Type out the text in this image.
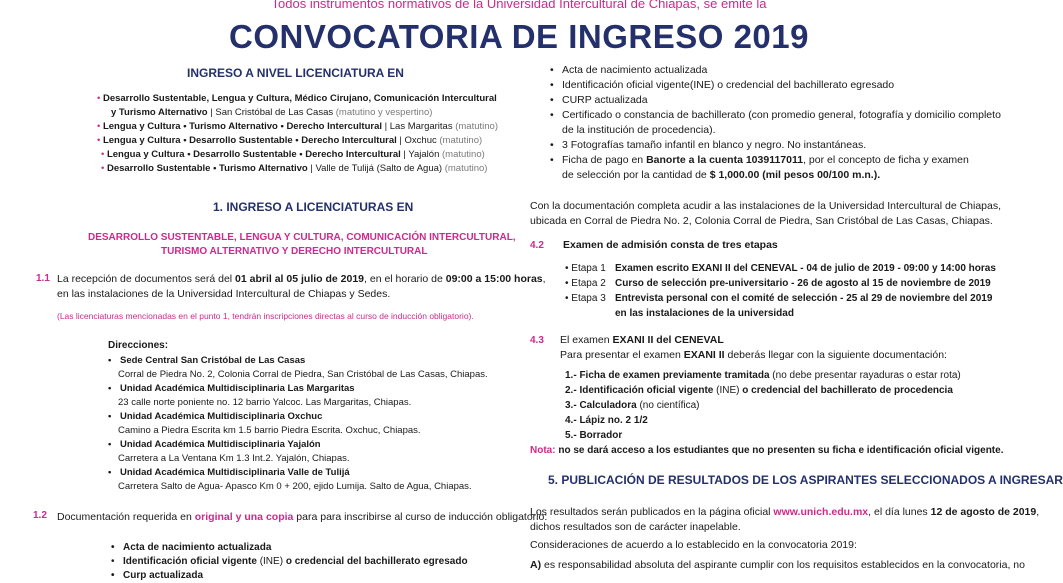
Todos instrumentos normativos de la Universidad Intercultural de Chiapas, se emite la
CONVOCATORIA DE INGRESO 2019
INGRESO A NIVEL LICENCIATURA EN
• Desarrollo Sustentable, Lengua y Cultura, Médico Cirujano, Comunicación Intercultural
y Turismo Alternativo | San Cristóbal de Las Casas (matutino y vespertino)
• Lengua y Cultura • Turismo Alternativo • Derecho Intercultural | Las Margaritas (matutino)
• Lengua y Cultura • Desarrollo Sustentable • Derecho Intercultural | Oxchuc (matutino)
• Lengua y Cultura • Desarrollo Sustentable • Derecho Intercultural | Yajalón (matutino)
• Desarrollo Sustentable • Turismo Alternativo | Valle de Tulijá (Salto de Agua) (matutino)
1. INGRESO A LICENCIATURAS EN
DESARROLLO SUSTENTABLE, LENGUA Y CULTURA, COMUNICACIÓN INTERCULTURAL,
TURISMO ALTERNATIVO Y DERECHO INTERCULTURAL
1.1 La recepción de documentos será del 01 abril al 05 julio de 2019, en el horario de 09:00 a 15:00 horas,
en las instalaciones de la Universidad Intercultural de Chiapas y Sedes.
(Las licenciaturas mencionadas en el punto 1, tendrán inscripciones directas al curso de inducción obligatorio).
Direcciones:
• Sede Central San Cristóbal de Las Casas
Corral de Piedra No. 2, Colonia Corral de Piedra, San Cristóbal de Las Casas, Chiapas.
• Unidad Académica Multidisciplinaria Las Margaritas
23 calle norte poniente no. 12 barrio Yalcoc. Las Margaritas, Chiapas.
• Unidad Académica Multidisciplinaria Oxchuc
Camino a Piedra Escrita km 1.5 barrio Piedra Escrita. Oxchuc, Chiapas.
• Unidad Académica Multidisciplinaria Yajalón
Carretera a La Ventana Km 1.3 Int.2. Yajalón, Chiapas.
• Unidad Académica Multidisciplinaria Valle de Tulijá
Carretera Salto de Agua- Apasco Km 0 + 200, ejido Lumija. Salto de Agua, Chiapas.
1.2 Documentación requerida en original y una copia para para inscribirse al curso de inducción obligatorio:
• Acta de nacimiento actualizada
• Identificación oficial vigente (INE) o credencial del bachillerato egresado
• Curp actualizada
• Acta de nacimiento actualizada
• Identificación oficial vigente(INE) o credencial del bachillerato egresado
• CURP actualizada
• Certificado o constancia de bachillerato (con promedio general, fotografía y domicilio completo
de la institución de procedencia).
• 3 Fotografías tamaño infantil en blanco y negro. No instantáneas.
• Ficha de pago en Banorte a la cuenta 1039117011, por el concepto de ficha y examen
de selección por la cantidad de $ 1,000.00 (mil pesos 00/100 m.n.).
Con la documentación completa acudir a las instalaciones de la Universidad Intercultural de Chiapas,
ubicada en Corral de Piedra No. 2, Colonia Corral de Piedra, San Cristóbal de Las Casas, Chiapas.
4.2 Examen de admisión consta de tres etapas
• Etapa 1 Examen escrito EXANI II del CENEVAL - 04 de julio de 2019 - 09:00 y 14:00 horas
• Etapa 2 Curso de selección pre-universitario - 26 de agosto al 15 de noviembre de 2019
• Etapa 3 Entrevista personal con el comité de selección - 25 al 29 de noviembre del 2019
en las instalaciones de la universidad
4.3 El examen EXANI II del CENEVAL
Para presentar el examen EXANI II deberás llegar con la siguiente documentación:
1.- Ficha de examen previamente tramitada (no debe presentar rayaduras o estar rota)
2.- Identificación oficial vigente (INE) o credencial del bachillerato de procedencia
3.- Calculadora (no científica)
4.- Lápiz no. 2 1/2
5.- Borrador
Nota: no se dará acceso a los estudiantes que no presenten su ficha e identificación oficial vigente.
5. PUBLICACIÓN DE RESULTADOS DE LOS ASPIRANTES SELECCIONADOS A INGRESAR
Los resultados serán publicados en la página oficial www.unich.edu.mx, el día lunes 12 de agosto de 2019,
dichos resultados son de carácter inapelable.
Consideraciones de acuerdo a lo establecido en la convocatoria 2019:
A) es responsabilidad absoluta del aspirante cumplir con los requisitos establecidos en la convocatoria, no
